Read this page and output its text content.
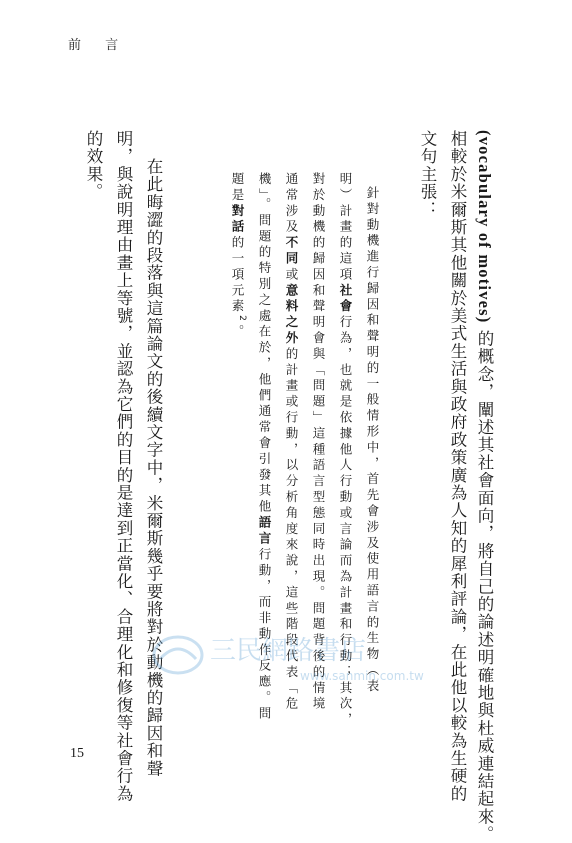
前 言
(vocabulary of motives) 的概念，闡述其社會面向，將自己的論述明確地與杜威連結起來。
相較於米爾斯其他關於美式生活與政府政策廣為人知的犀利評論，在此他以較為生硬的
文句主張：
針對動機進行歸因和聲明的一般情形中，首先會涉及使用語言的生物（表
明）計畫的這項社會行為，也就是依據他人行動或言論而為計畫和行動；其次，
對於動機的歸因和聲明會與「問題」這種語言型態同時出現。問題背後的情境
通常涉及不同或意料之外的計畫或行動，以分析角度來說，這些階段代表「危
機」。問題的特別之處在於，他們通常會引發其他語言行動，而非動作反應。問
題是對話的一項元素$^2$。
在此晦澀的段落與這篇論文的後續文字中，米爾斯幾乎要將對於動機的歸因和聲
明，與說明理由畫上等號，並認為它們的目的是達到正當化、合理化和修復等社會行為
的效果。
三民網路書店
www.sanmin.com.tw
15
